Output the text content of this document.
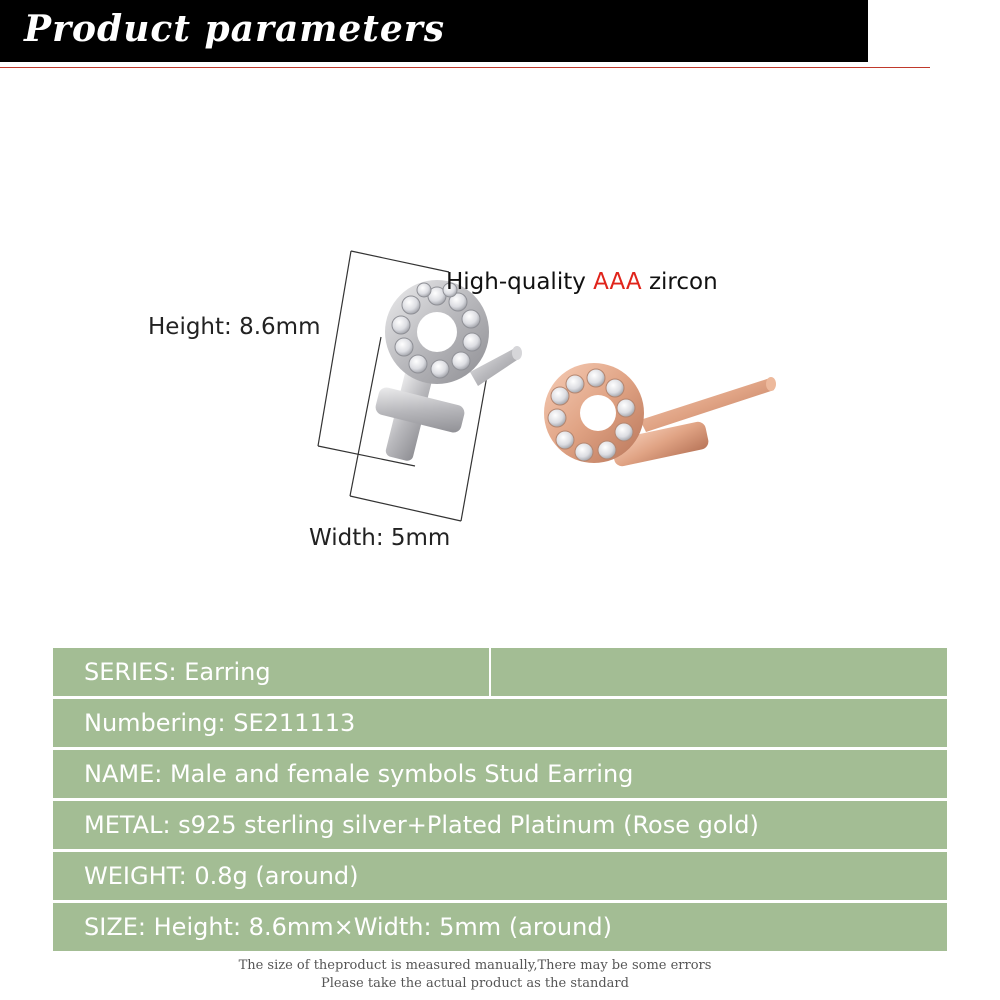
Product parameters
Height: 8.6mm
Width: 5mm
High-quality AAA zircon
SERIES: Earring
Numbering: SE211113
NAME: Male and female symbols Stud Earring
METAL: s925 sterling silver+Plated Platinum (Rose gold)
WEIGHT: 0.8g (around)
SIZE: Height: 8.6mm×Width: 5mm (around)
The size of theproduct is measured manually,There may be some errors
Please take the actual product as the standard
